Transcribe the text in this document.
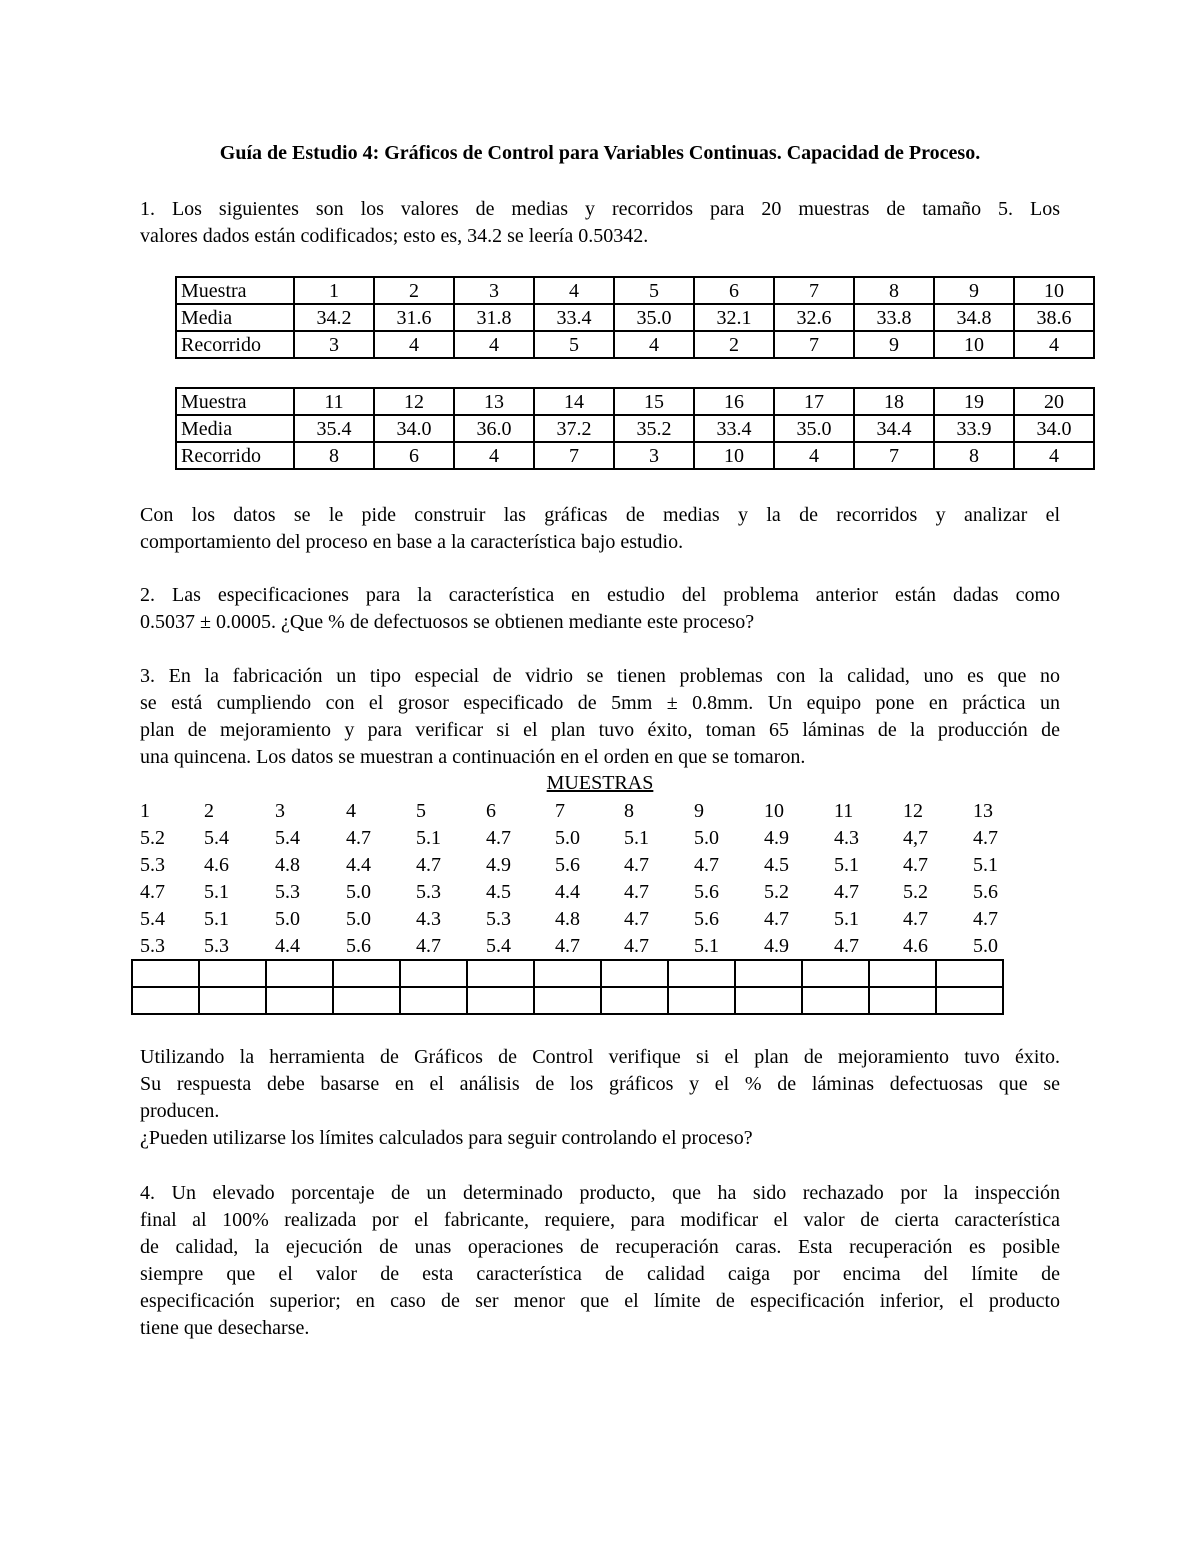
Guía de Estudio 4: Gráficos de Control para Variables Continuas. Capacidad de Proceso.

1. Los siguientes son los valores de medias y recorridos para 20 muestras de tamaño 5. Los
valores dados están codificados; esto es, 34.2 se leería 0.50342.

Muestra	1	2	3	4	5	6	7	8	9	10
Media	34.2	31.6	31.8	33.4	35.0	32.1	32.6	33.8	34.8	38.6
Recorrido	3	4	4	5	4	2	7	9	10	4
Muestra	11	12	13	14	15	16	17	18	19	20
Media	35.4	34.0	36.0	37.2	35.2	33.4	35.0	34.4	33.9	34.0
Recorrido	8	6	4	7	3	10	4	7	8	4

Con los datos se le pide construir las gráficas de medias y la de recorridos y analizar el
comportamiento del proceso en base a la característica bajo estudio.

2. Las especificaciones para la característica en estudio del problema anterior están dadas como
0.5037 ± 0.0005. ¿Que % de defectuosos se obtienen mediante este proceso?

3. En la fabricación un tipo especial de vidrio se tienen problemas con la calidad, uno es que no
se está cumpliendo con el grosor especificado de 5mm ± 0.8mm. Un equipo pone en práctica un
plan de mejoramiento y para verificar si el plan tuvo éxito, toman 65 láminas de la producción de
una quincena. Los datos se muestran a continuación en el orden en que se tomaron.

MUESTRAS
1	2	3	4	5	6	7	8	9	10	11	12	13
5.2	5.4	5.4	4.7	5.1	4.7	5.0	5.1	5.0	4.9	4.3	4,7	4.7
5.3	4.6	4.8	4.4	4.7	4.9	5.6	4.7	4.7	4.5	5.1	4.7	5.1
4.7	5.1	5.3	5.0	5.3	4.5	4.4	4.7	5.6	5.2	4.7	5.2	5.6
5.4	5.1	5.0	5.0	4.3	5.3	4.8	4.7	5.6	4.7	5.1	4.7	4.7
5.3	5.3	4.4	5.6	4.7	5.4	4.7	4.7	5.1	4.9	4.7	4.6	5.0

Utilizando la herramienta de Gráficos de Control verifique si el plan de mejoramiento tuvo éxito.
Su respuesta debe basarse en el análisis de los gráficos y el % de láminas defectuosas que se
producen.
¿Pueden utilizarse los límites calculados para seguir controlando el proceso?

4. Un elevado porcentaje de un determinado producto, que ha sido rechazado por la inspección
final al 100% realizada por el fabricante, requiere, para modificar el valor de cierta característica
de calidad, la ejecución de unas operaciones de recuperación caras. Esta recuperación es posible
siempre que el valor de esta característica de calidad caiga por encima del límite de
especificación superior; en caso de ser menor que el límite de especificación inferior, el producto
tiene que desecharse.
